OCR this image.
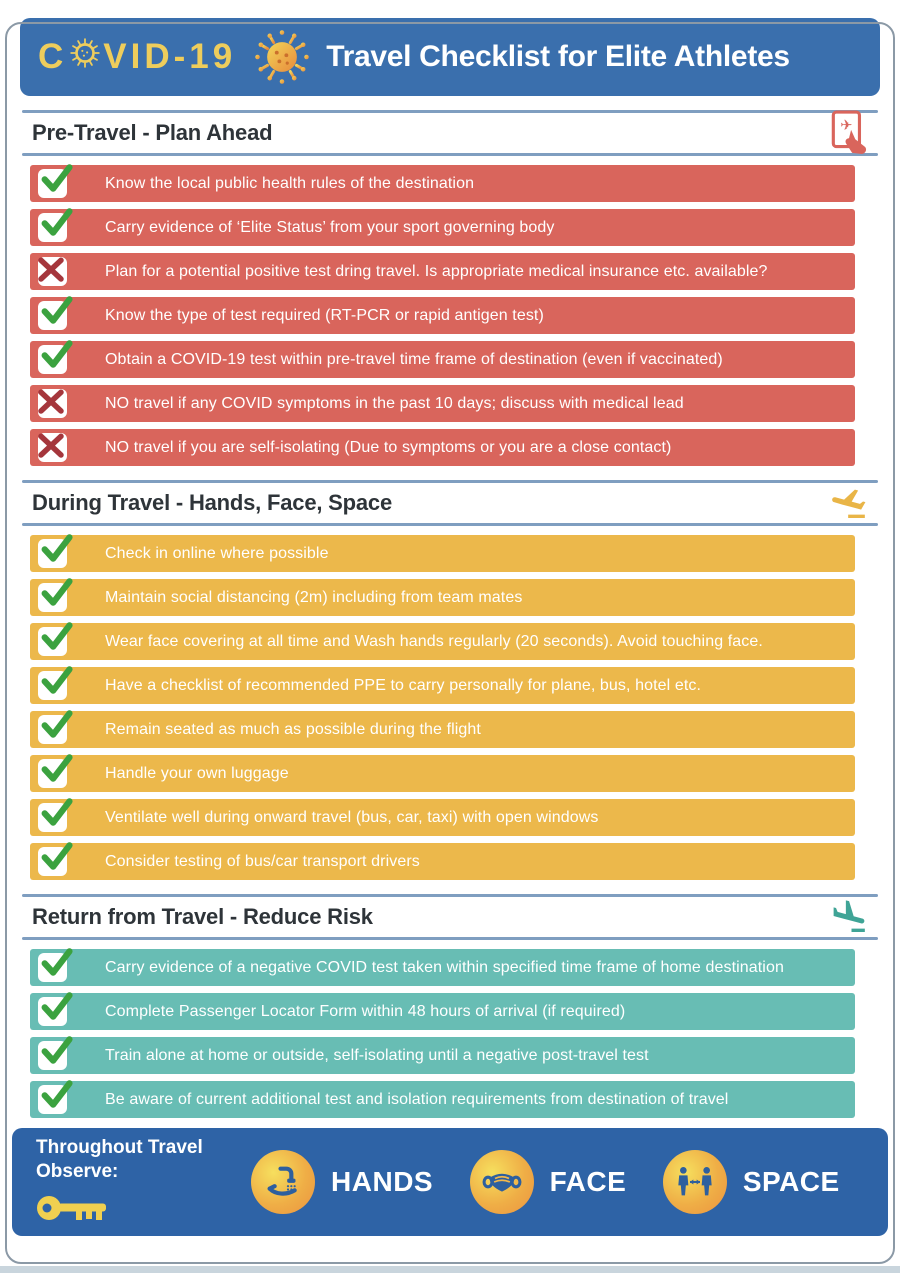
C VID-19	Travel Checklist for Elite Athletes
Pre-Travel - Plan Ahead	✈
Know the local public health rules of the destination
Carry evidence of ‘Elite Status’ from your sport governing body
Plan for a potential positive test dring travel. Is appropriate medical insurance etc. available?
Know the type of test required (RT-PCR or rapid antigen test)
Obtain a COVID-19 test within pre-travel time frame of destination (even if vaccinated)
NO travel if any COVID symptoms in the past 10 days; discuss with medical lead
NO travel if you are self-isolating (Due to symptoms or you are a close contact)
During Travel - Hands, Face, Space
Check in online where possible
Maintain social distancing (2m) including from team mates
Wear face covering at all time and Wash hands regularly (20 seconds). Avoid touching face.
Have a checklist of recommended PPE to carry personally for plane, bus, hotel etc.
Remain seated as much as possible during the flight
Handle your own luggage
Ventilate well during onward travel (bus, car, taxi) with open windows
Consider testing of bus/car transport drivers
Return from Travel - Reduce Risk
Carry evidence of a negative COVID test taken within specified time frame of home destination
Complete Passenger Locator Form within 48 hours of arrival (if required)
Train alone at home or outside, self-isolating until a negative post-travel test
Be aware of current additional test and isolation requirements from destination of travel
Throughout Travel
Observe:	HANDS	FACE	SPACE
